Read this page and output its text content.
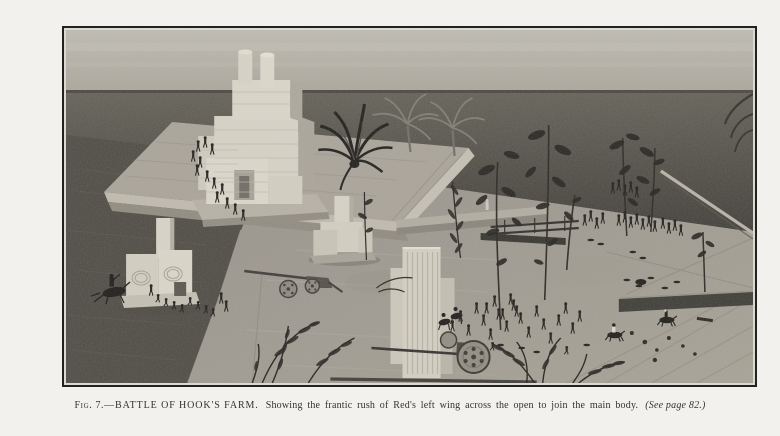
Fig. 7.—BATTLE OF HOOK'S FARM. Showing the frantic rush of Red's left wing across the open to join the main body. (See page 82.)
